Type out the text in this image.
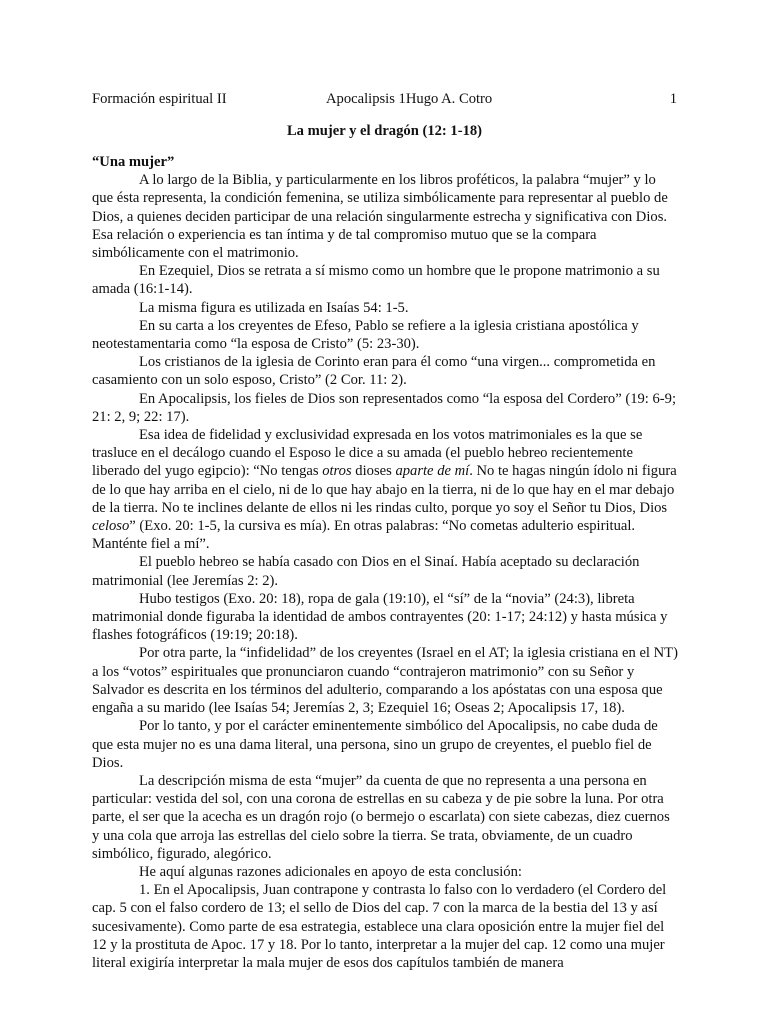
Formación espiritual II	Apocalipsis 1Hugo A. Cotro	1
La mujer y el dragón (12: 1-18)

“Una mujer”

A lo largo de la Biblia, y particularmente en los libros proféticos, la palabra “mujer” y lo que ésta representa, la condición femenina, se utiliza simbólicamente para representar al pueblo de Dios, a quienes deciden participar de una relación singularmente estrecha y significativa con Dios. Esa relación o experiencia es tan íntima y de tal compromiso mutuo que se la compara simbólicamente con el matrimonio.

En Ezequiel, Dios se retrata a sí mismo como un hombre que le propone matrimonio a su amada (16:1-14).

La misma figura es utilizada en Isaías 54: 1-5.

En su carta a los creyentes de Efeso, Pablo se refiere a la iglesia cristiana apostólica y neotestamentaria como “la esposa de Cristo” (5: 23-30).

Los cristianos de la iglesia de Corinto eran para él como “una virgen... comprometida en casamiento con un solo esposo, Cristo” (2 Cor. 11: 2).

En Apocalipsis, los fieles de Dios son representados como “la esposa del Cordero” (19: 6-9; 21: 2, 9; 22: 17).

Esa idea de fidelidad y exclusividad expresada en los votos matrimoniales es la que se trasluce en el decálogo cuando el Esposo le dice a su amada (el pueblo hebreo recientemente liberado del yugo egipcio): “No tengas otros dioses aparte de mí. No te hagas ningún ídolo ni figura de lo que hay arriba en el cielo, ni de lo que hay abajo en la tierra, ni de lo que hay en el mar debajo de la tierra. No te inclines delante de ellos ni les rindas culto, porque yo soy el Señor tu Dios, Dios celoso” (Exo. 20: 1-5, la cursiva es mía). En otras palabras: “No cometas adulterio espiritual. Manténte fiel a mí”.

El pueblo hebreo se había casado con Dios en el Sinaí. Había aceptado su declaración matrimonial (lee Jeremías 2: 2).

Hubo testigos (Exo. 20: 18), ropa de gala (19:10), el “sí” de la “novia” (24:3), libreta matrimonial donde figuraba la identidad de ambos contrayentes (20: 1-17; 24:12) y hasta música y flashes fotográficos (19:19; 20:18).

Por otra parte, la “infidelidad” de los creyentes (Israel en el AT; la iglesia cristiana en el NT) a los “votos” espirituales que pronunciaron cuando “contrajeron matrimonio” con su Señor y Salvador es descrita en los términos del adulterio, comparando a los apóstatas con una esposa que engaña a su marido (lee Isaías 54; Jeremías 2, 3; Ezequiel 16; Oseas 2; Apocalipsis 17, 18).

Por lo tanto, y por el carácter eminentemente simbólico del Apocalipsis, no cabe duda de que esta mujer no es una dama literal, una persona, sino un grupo de creyentes, el pueblo fiel de Dios.

La descripción misma de esta “mujer” da cuenta de que no representa a una persona en particular: vestida del sol, con una corona de estrellas en su cabeza y de pie sobre la luna. Por otra parte, el ser que la acecha es un dragón rojo (o bermejo o escarlata) con siete cabezas, diez cuernos y una cola que arroja las estrellas del cielo sobre la tierra. Se trata, obviamente, de un cuadro simbólico, figurado, alegórico.

He aquí algunas razones adicionales en apoyo de esta conclusión:

1. En el Apocalipsis, Juan contrapone y contrasta lo falso con lo verdadero (el Cordero del cap. 5 con el falso cordero de 13; el sello de Dios del cap. 7 con la marca de la bestia del 13 y así sucesivamente). Como parte de esa estrategia, establece una clara oposición entre la mujer fiel del 12 y la prostituta de Apoc. 17 y 18. Por lo tanto, interpretar a la mujer del cap. 12 como una mujer literal exigiría interpretar la mala mujer de esos dos capítulos también de manera
